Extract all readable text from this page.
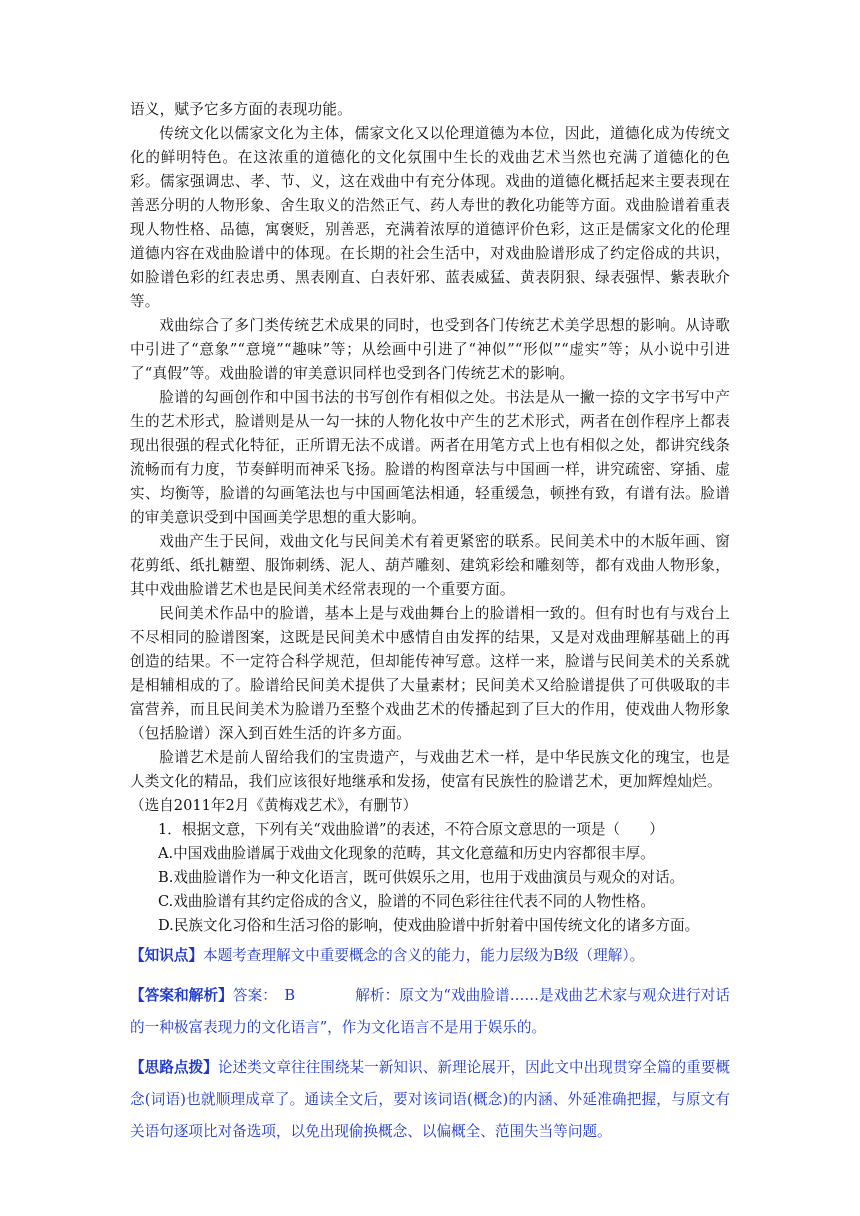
语义，赋予它多方面的表现功能。

传统文化以儒家文化为主体，儒家文化又以伦理道德为本位，因此，道德化成为传统文化的鲜明特色。在这浓重的道德化的文化氛围中生长的戏曲艺术当然也充满了道德化的色彩。儒家强调忠、孝、节、义，这在戏曲中有充分体现。戏曲的道德化概括起来主要表现在善恶分明的人物形象、舍生取义的浩然正气、药人寿世的教化功能等方面。戏曲脸谱着重表现人物性格、品德，寓褒贬，别善恶，充满着浓厚的道德评价色彩，这正是儒家文化的伦理道德内容在戏曲脸谱中的体现。在长期的社会生活中，对戏曲脸谱形成了约定俗成的共识，如脸谱色彩的红表忠勇、黑表刚直、白表奸邪、蓝表威猛、黄表阴狠、绿表强悍、紫表耿介等。

戏曲综合了多门类传统艺术成果的同时，也受到各门传统艺术美学思想的影响。从诗歌中引进了“意象”“意境”“趣味”等；从绘画中引进了“神似”“形似”“虚实”等；从小说中引进了“真假”等。戏曲脸谱的审美意识同样也受到各门传统艺术的影响。

脸谱的勾画创作和中国书法的书写创作有相似之处。书法是从一撇一捺的文字书写中产生的艺术形式，脸谱则是从一勾一抹的人物化妆中产生的艺术形式，两者在创作程序上都表现出很强的程式化特征，正所谓无法不成谱。两者在用笔方式上也有相似之处，都讲究线条流畅而有力度，节奏鲜明而神采飞扬。脸谱的构图章法与中国画一样，讲究疏密、穿插、虚实、均衡等，脸谱的勾画笔法也与中国画笔法相通，轻重缓急，顿挫有致，有谱有法。脸谱的审美意识受到中国画美学思想的重大影响。

戏曲产生于民间，戏曲文化与民间美术有着更紧密的联系。民间美术中的木版年画、窗花剪纸、纸扎糖塑、服饰刺绣、泥人、葫芦雕刻、建筑彩绘和雕刻等，都有戏曲人物形象，其中戏曲脸谱艺术也是民间美术经常表现的一个重要方面。

民间美术作品中的脸谱，基本上是与戏曲舞台上的脸谱相一致的。但有时也有与戏台上不尽相同的脸谱图案，这既是民间美术中感情自由发挥的结果，又是对戏曲理解基础上的再创造的结果。不一定符合科学规范，但却能传神写意。这样一来，脸谱与民间美术的关系就是相辅相成的了。脸谱给民间美术提供了大量素材；民间美术又给脸谱提供了可供吸取的丰富营养，而且民间美术为脸谱乃至整个戏曲艺术的传播起到了巨大的作用，使戏曲人物形象（包括脸谱）深入到百姓生活的许多方面。

脸谱艺术是前人留给我们的宝贵遗产，与戏曲艺术一样，是中华民族文化的瑰宝，也是人类文化的精品，我们应该很好地继承和发扬，使富有民族性的脸谱艺术，更加辉煌灿烂。

（选自2011年2月《黄梅戏艺术》，有删节）

1．根据文意，下列有关“戏曲脸谱”的表述，不符合原文意思的一项是（　　）

A.中国戏曲脸谱属于戏曲文化现象的范畴，其文化意蕴和历史内容都很丰厚。

B.戏曲脸谱作为一种文化语言，既可供娱乐之用，也用于戏曲演员与观众的对话。

C.戏曲脸谱有其约定俗成的含义，脸谱的不同色彩往往代表不同的人物性格。

D.民族文化习俗和生活习俗的影响，使戏曲脸谱中折射着中国传统文化的诸多方面。

【知识点】本题考查理解文中重要概念的含义的能力，能力层级为B级（理解）。

【答案和解析】答案：　B	解析：原文为“戏曲脸谱……是戏曲艺术家与观众进行对话的一种极富表现力的文化语言”，作为文化语言不是用于娱乐的。

【思路点拨】论述类文章往往围绕某一新知识、新理论展开，因此文中出现贯穿全篇的重要概念(词语)也就顺理成章了。通读全文后，要对该词语(概念)的内涵、外延准确把握，与原文有关语句逐项比对备选项，以免出现偷换概念、以偏概全、范围失当等问题。
